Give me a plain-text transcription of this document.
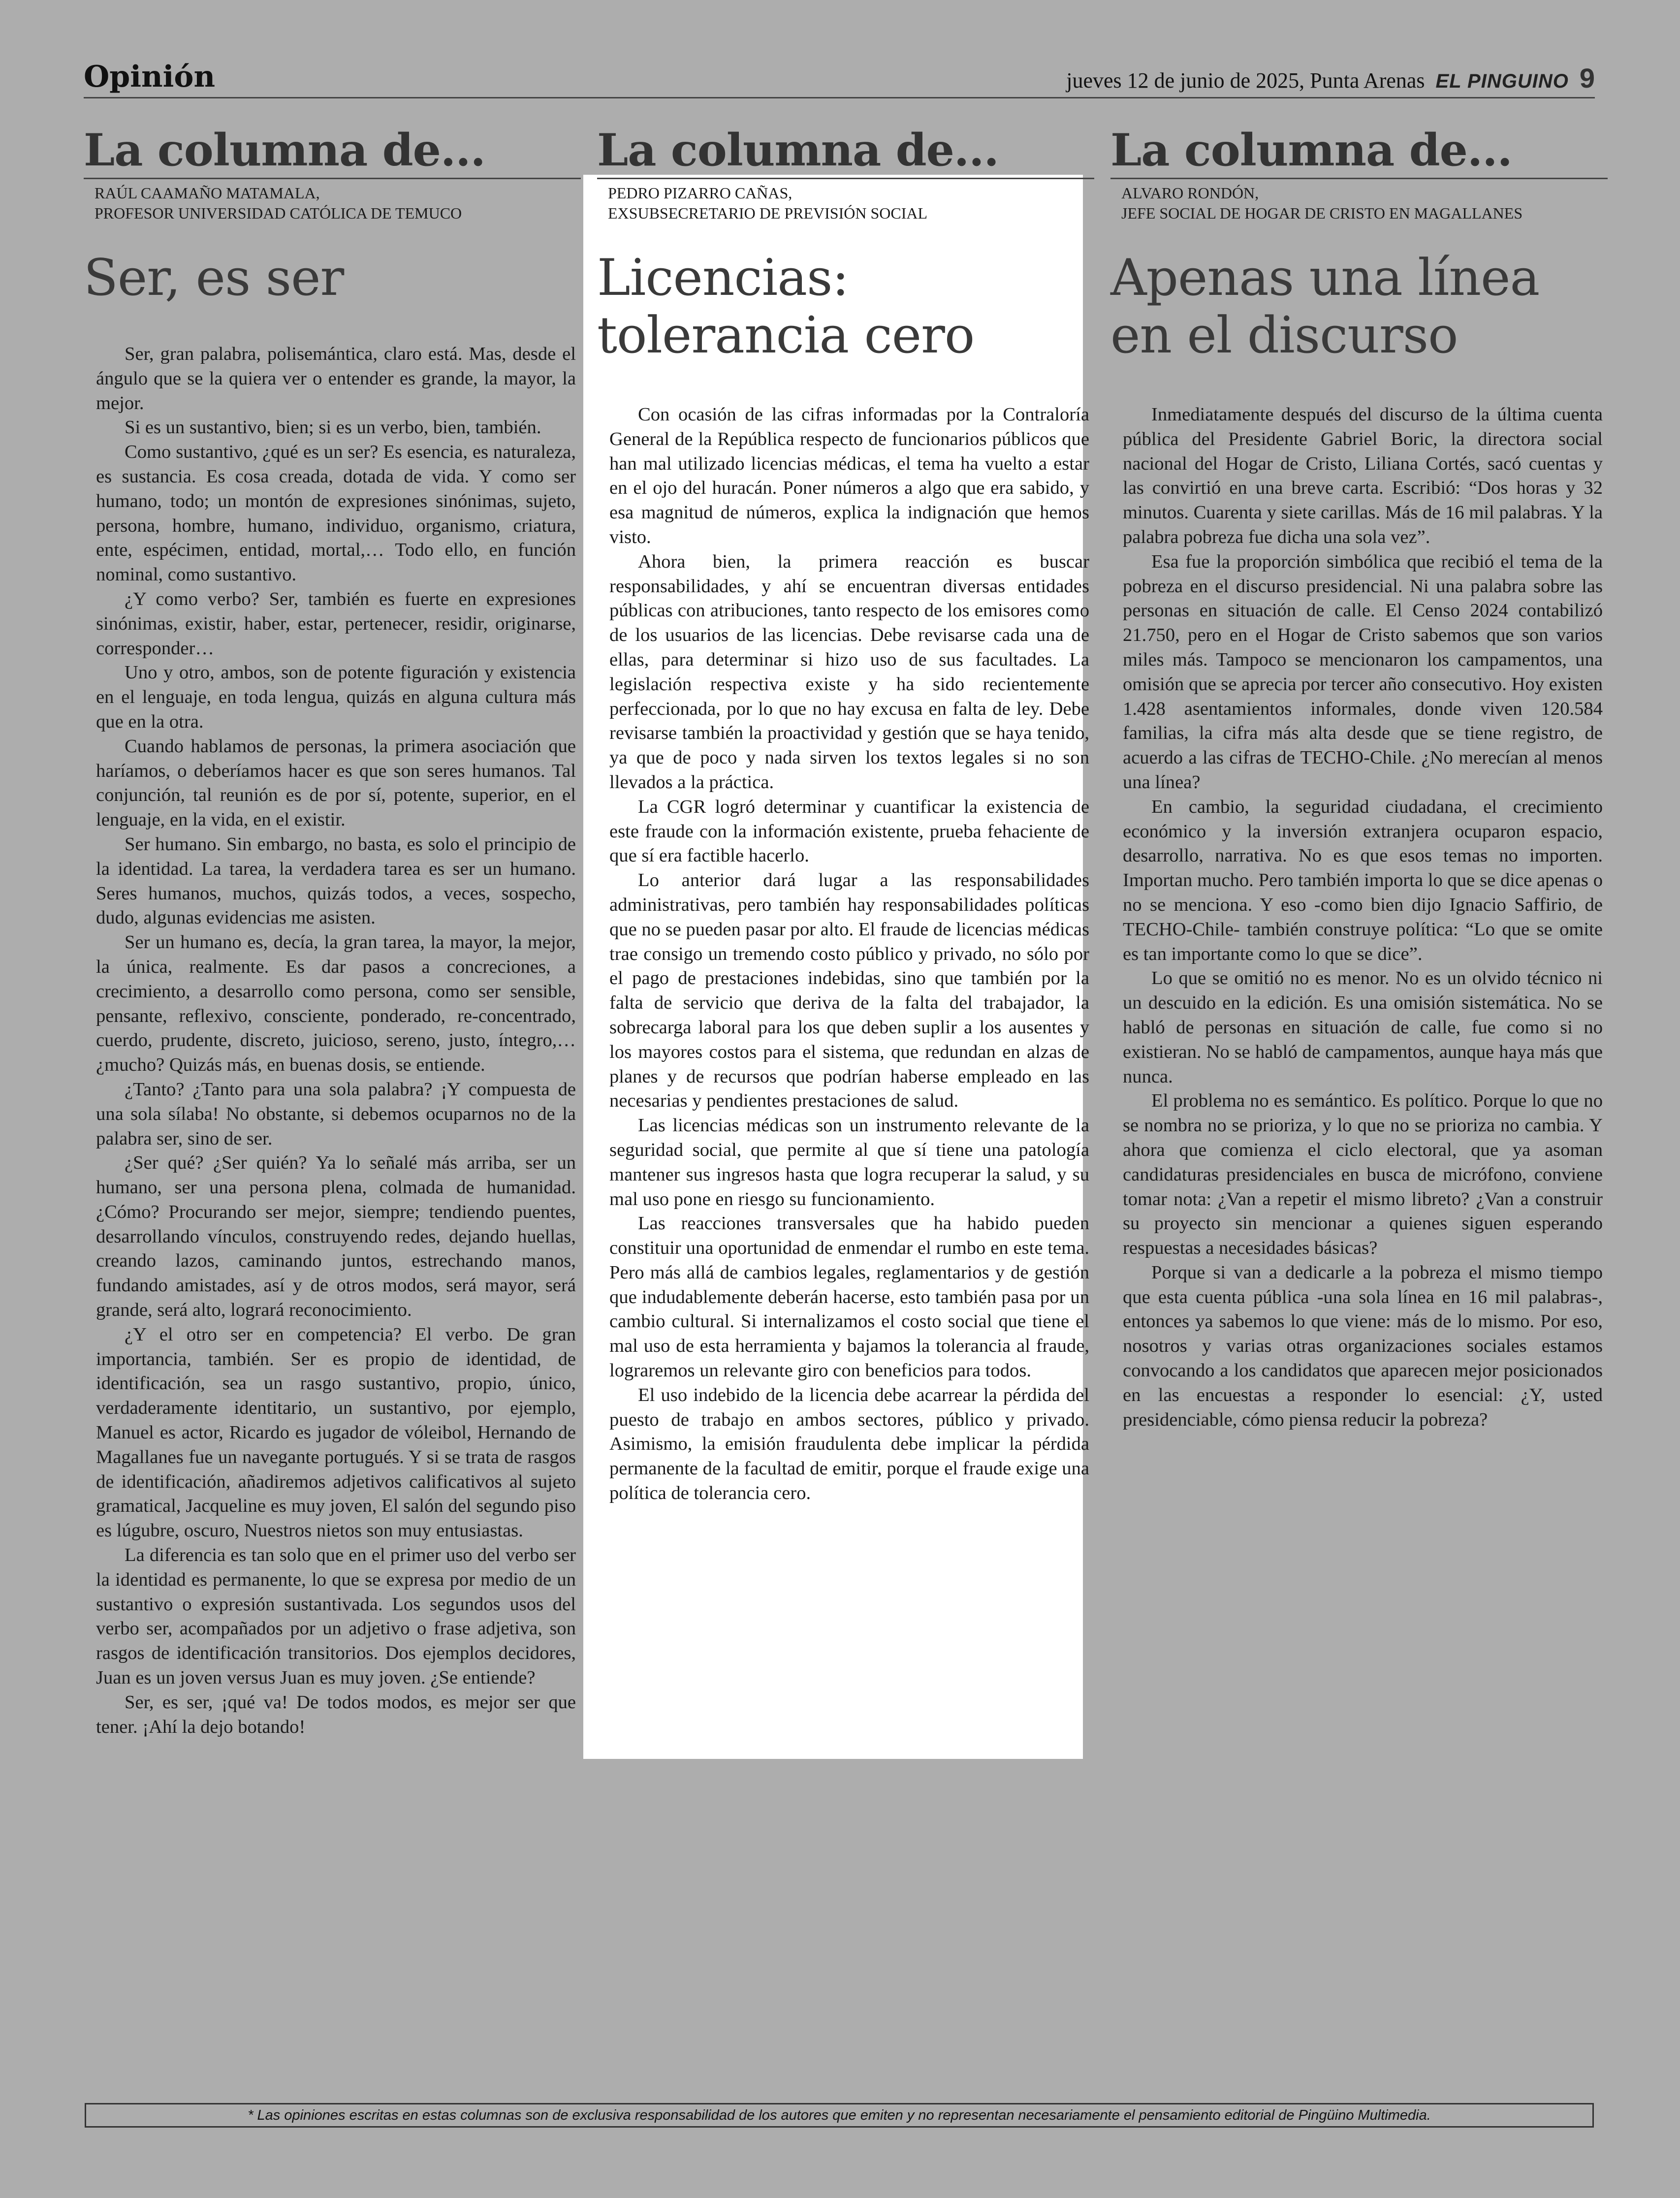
Opinión	jueves 12 de junio de 2025, Punta Arenas EL PINGUINO 9
La columna de...
RAÚL CAAMAÑO MATAMALA,
PROFESOR UNIVERSIDAD CATÓLICA DE TEMUCO
Ser, es ser

Ser, gran palabra, polisemántica, claro está. Mas, desde el ángulo que se la quiera ver o entender es grande, la mayor, la mejor.

Si es un sustantivo, bien; si es un verbo, bien, también.

Como sustantivo, ¿qué es un ser? Es esencia, es naturaleza, es sustancia. Es cosa creada, dotada de vida. Y como ser humano, todo; un montón de expresiones sinónimas, sujeto, persona, hombre, humano, individuo, organismo, criatura, ente, espécimen, entidad, mortal,… Todo ello, en función nominal, como sustantivo.

¿Y como verbo? Ser, también es fuerte en expresiones sinónimas, existir, haber, estar, pertenecer, residir, originarse, corresponder…

Uno y otro, ambos, son de potente figuración y existencia en el lenguaje, en toda lengua, quizás en alguna cultura más que en la otra.

Cuando hablamos de personas, la primera asociación que haríamos, o deberíamos hacer es que son seres humanos. Tal conjunción, tal reunión es de por sí, potente, superior, en el lenguaje, en la vida, en el existir.

Ser humano. Sin embargo, no basta, es solo el principio de la identidad. La tarea, la verdadera tarea es ser un humano. Seres humanos, muchos, quizás todos, a veces, sospecho, dudo, algunas evidencias me asisten.

Ser un humano es, decía, la gran tarea, la mayor, la mejor, la única, realmente. Es dar pasos a concreciones, a crecimiento, a desarrollo como persona, como ser sensible, pensante, reflexivo, consciente, ponderado, re-concentrado, cuerdo, prudente, discreto, juicioso, sereno, justo, íntegro,… ¿mucho? Quizás más, en buenas dosis, se entiende.

¿Tanto? ¿Tanto para una sola palabra? ¡Y compuesta de una sola sílaba! No obstante, si debemos ocuparnos no de la palabra ser, sino de ser.

¿Ser qué? ¿Ser quién? Ya lo señalé más arriba, ser un humano, ser una persona plena, colmada de humanidad. ¿Cómo? Procurando ser mejor, siempre; tendiendo puentes, desarrollando vínculos, construyendo redes, dejando huellas, creando lazos, caminando juntos, estrechando manos, fundando amistades, así y de otros modos, será mayor, será grande, será alto, logrará reconocimiento.

¿Y el otro ser en competencia? El verbo. De gran importancia, también. Ser es propio de identidad, de identificación, sea un rasgo sustantivo, propio, único, verdaderamente identitario, un sustantivo, por ejemplo, Manuel es actor, Ricardo es jugador de vóleibol, Hernando de Magallanes fue un navegante portugués. Y si se trata de rasgos de identificación, añadiremos adjetivos calificativos al sujeto gramatical, Jacqueline es muy joven, El salón del segundo piso es lúgubre, oscuro, Nuestros nietos son muy entusiastas.

La diferencia es tan solo que en el primer uso del verbo ser la identidad es permanente, lo que se expresa por medio de un sustantivo o expresión sustantivada. Los segundos usos del verbo ser, acompañados por un adjetivo o frase adjetiva, son rasgos de identificación transitorios. Dos ejemplos decidores, Juan es un joven versus Juan es muy joven. ¿Se entiende?

Ser, es ser, ¡qué va! De todos modos, es mejor ser que tener. ¡Ahí la dejo botando!

La columna de...
PEDRO PIZARRO CAÑAS,
EXSUBSECRETARIO DE PREVISIÓN SOCIAL
Licencias:
tolerancia cero

Con ocasión de las cifras informadas por la Contraloría General de la República respecto de funcionarios públicos que han mal utilizado licencias médicas, el tema ha vuelto a estar en el ojo del huracán. Poner números a algo que era sabido, y esa magnitud de números, explica la indignación que hemos visto.

Ahora bien, la primera reacción es buscar responsabilidades, y ahí se encuentran diversas entidades públicas con atribuciones, tanto respecto de los emisores como de los usuarios de las licencias. Debe revisarse cada una de ellas, para determinar si hizo uso de sus facultades. La legislación respectiva existe y ha sido recientemente perfeccionada, por lo que no hay excusa en falta de ley. Debe revisarse también la proactividad y gestión que se haya tenido, ya que de poco y nada sirven los textos legales si no son llevados a la práctica.

La CGR logró determinar y cuantificar la existencia de este fraude con la información existente, prueba fehaciente de que sí era factible hacerlo.

Lo anterior dará lugar a las responsabilidades administrativas, pero también hay responsabilidades políticas que no se pueden pasar por alto. El fraude de licencias médicas trae consigo un tremendo costo público y privado, no sólo por el pago de prestaciones indebidas, sino que también por la falta de servicio que deriva de la falta del trabajador, la sobrecarga laboral para los que deben suplir a los ausentes y los mayores costos para el sistema, que redundan en alzas de planes y de recursos que podrían haberse empleado en las necesarias y pendientes prestaciones de salud.

Las licencias médicas son un instrumento relevante de la seguridad social, que permite al que sí tiene una patología mantener sus ingresos hasta que logra recuperar la salud, y su mal uso pone en riesgo su funcionamiento.

Las reacciones transversales que ha habido pueden constituir una oportunidad de enmendar el rumbo en este tema. Pero más allá de cambios legales, reglamentarios y de gestión que indudablemente deberán hacerse, esto también pasa por un cambio cultural. Si internalizamos el costo social que tiene el mal uso de esta herramienta y bajamos la tolerancia al fraude, lograremos un relevante giro con beneficios para todos.

El uso indebido de la licencia debe acarrear la pérdida del puesto de trabajo en ambos sectores, público y privado. Asimismo, la emisión fraudulenta debe implicar la pérdida permanente de la facultad de emitir, porque el fraude exige una política de tolerancia cero.

La columna de...
ALVARO RONDÓN,
JEFE SOCIAL DE HOGAR DE CRISTO EN MAGALLANES
Apenas una línea
en el discurso

Inmediatamente después del discurso de la última cuenta pública del Presidente Gabriel Boric, la directora social nacional del Hogar de Cristo, Liliana Cortés, sacó cuentas y las convirtió en una breve carta. Escribió: “Dos horas y 32 minutos. Cuarenta y siete carillas. Más de 16 mil palabras. Y la palabra pobreza fue dicha una sola vez”.

Esa fue la proporción simbólica que recibió el tema de la pobreza en el discurso presidencial. Ni una palabra sobre las personas en situación de calle. El Censo 2024 contabilizó 21.750, pero en el Hogar de Cristo sabemos que son varios miles más. Tampoco se mencionaron los campamentos, una omisión que se aprecia por tercer año consecutivo. Hoy existen 1.428 asentamientos informales, donde viven 120.584 familias, la cifra más alta desde que se tiene registro, de acuerdo a las cifras de TECHO-Chile. ¿No merecían al menos una línea?

En cambio, la seguridad ciudadana, el crecimiento económico y la inversión extranjera ocuparon espacio, desarrollo, narrativa. No es que esos temas no importen. Importan mucho. Pero también importa lo que se dice apenas o no se menciona. Y eso -como bien dijo Ignacio Saffirio, de TECHO-Chile- también construye política: “Lo que se omite es tan importante como lo que se dice”.

Lo que se omitió no es menor. No es un olvido técnico ni un descuido en la edición. Es una omisión sistemática. No se habló de personas en situación de calle, fue como si no existieran. No se habló de campamentos, aunque haya más que nunca.

El problema no es semántico. Es político. Porque lo que no se nombra no se prioriza, y lo que no se prioriza no cambia. Y ahora que comienza el ciclo electoral, que ya asoman candidaturas presidenciales en busca de micrófono, conviene tomar nota: ¿Van a repetir el mismo libreto? ¿Van a construir su proyecto sin mencionar a quienes siguen esperando respuestas a necesidades básicas?

Porque si van a dedicarle a la pobreza el mismo tiempo que esta cuenta pública -una sola línea en 16 mil palabras-, entonces ya sabemos lo que viene: más de lo mismo. Por eso, nosotros y varias otras organizaciones sociales estamos convocando a los candidatos que aparecen mejor posicionados en las encuestas a responder lo esencial: ¿Y, usted presidenciable, cómo piensa reducir la pobreza?

* Las opiniones escritas en estas columnas son de exclusiva responsabilidad de los autores que emiten y no representan necesariamente el pensamiento editorial de Pingüino Multimedia.
